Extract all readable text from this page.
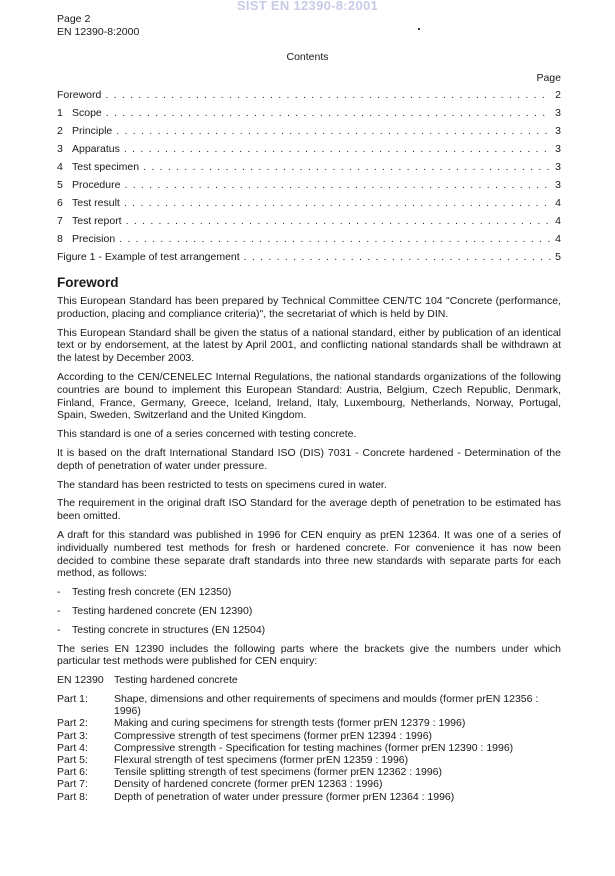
SIST EN 12390-8:2001
Page 2
EN 12390-8:2000
Contents
Page
Foreword . . .	2
1 Scope . . .	3
2 Principle . . .	3
3 Apparatus . . .	3
4 Test specimen . . .	3
5 Procedure . . .	3
6 Test result . . .	4
7 Test report . . .	4
8 Precision . . .	4
Figure 1 - Example of test arrangement . . .	5
Foreword

This European Standard has been prepared by Technical Committee CEN/TC 104 "Concrete (performance, production, placing and compliance criteria)", the secretariat of which is held by DIN.

This European Standard shall be given the status of a national standard, either by publication of an identical text or by endorsement, at the latest by April 2001, and conflicting national standards shall be withdrawn at the latest by December 2003.

According to the CEN/CENELEC Internal Regulations, the national standards organizations of the following countries are bound to implement this European Standard: Austria, Belgium, Czech Republic, Denmark, Finland, France, Germany, Greece, Iceland, Ireland, Italy, Luxembourg, Netherlands, Norway, Portugal, Spain, Sweden, Switzerland and the United Kingdom.

This standard is one of a series concerned with testing concrete.

It is based on the draft International Standard ISO (DIS) 7031 - Concrete hardened - Determination of the depth of penetration of water under pressure.

The standard has been restricted to tests on specimens cured in water.

The requirement in the original draft ISO Standard for the average depth of penetration to be estimated has been omitted.

A draft for this standard was published in 1996 for CEN enquiry as prEN 12364. It was one of a series of individually numbered test methods for fresh or hardened concrete. For convenience it has now been decided to combine these separate draft standards into three new standards with separate parts for each method, as follows:

-	Testing fresh concrete (EN 12350)
-	Testing hardened concrete (EN 12390)
-	Testing concrete in structures (EN 12504)

The series EN 12390 includes the following parts where the brackets give the numbers under which particular test methods were published for CEN enquiry:

EN 12390 Testing hardened concrete
Part 1:	Shape, dimensions and other requirements of specimens and moulds (former prEN 12356 : 1996)
Part 2:	Making and curing specimens for strength tests (former prEN 12379 : 1996)
Part 3:	Compressive strength of test specimens (former prEN 12394 : 1996)
Part 4:	Compressive strength - Specification for testing machines (former prEN 12390 : 1996)
Part 5:	Flexural strength of test specimens (former prEN 12359 : 1996)
Part 6:	Tensile splitting strength of test specimens (former prEN 12362 : 1996)
Part 7:	Density of hardened concrete (former prEN 12363 : 1996)
Part 8:	Depth of penetration of water under pressure (former prEN 12364 : 1996)
